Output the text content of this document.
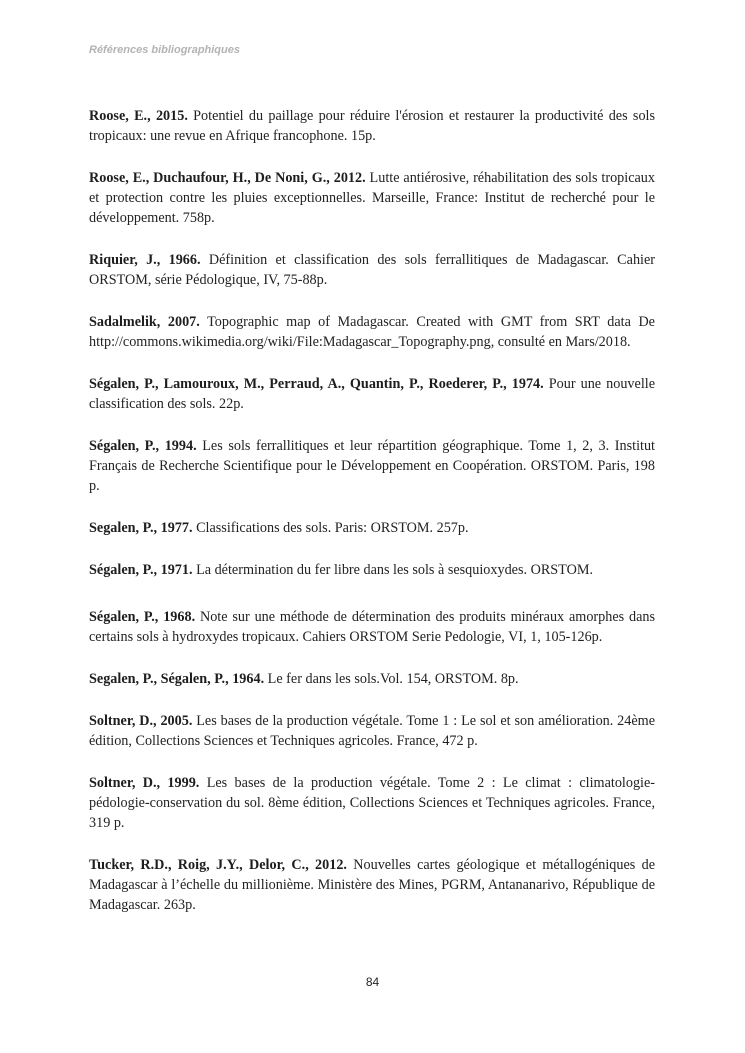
Références bibliographiques

Roose, E., 2015. Potentiel du paillage pour réduire l'érosion et restaurer la productivité des sols tropicaux: une revue en Afrique francophone. 15p.

Roose, E., Duchaufour, H., De Noni, G., 2012. Lutte antiérosive, réhabilitation des sols tropicaux et protection contre les pluies exceptionnelles. Marseille, France: Institut de recherché pour le développement. 758p.

Riquier, J., 1966. Définition et classification des sols ferrallitiques de Madagascar. Cahier ORSTOM, série Pédologique, IV, 75-88p.

Sadalmelik, 2007. Topographic map of Madagascar. Created with GMT from SRT data De http://commons.wikimedia.org/wiki/File:Madagascar_Topography.png, consulté en Mars/2018.

Ségalen, P., Lamouroux, M., Perraud, A., Quantin, P., Roederer, P., 1974. Pour une nouvelle classification des sols. 22p.

Ségalen, P., 1994. Les sols ferrallitiques et leur répartition géographique. Tome 1, 2, 3. Institut Français de Recherche Scientifique pour le Développement en Coopération. ORSTOM. Paris, 198 p.

Segalen, P., 1977. Classifications des sols. Paris: ORSTOM. 257p.

Ségalen, P., 1971. La détermination du fer libre dans les sols à sesquioxydes. ORSTOM.

Ségalen, P., 1968. Note sur une méthode de détermination des produits minéraux amorphes dans certains sols à hydroxydes tropicaux. Cahiers ORSTOM Serie Pedologie, VI, 1, 105-126p.

Segalen, P., Ségalen, P., 1964. Le fer dans les sols.Vol. 154, ORSTOM. 8p.

Soltner, D., 2005. Les bases de la production végétale. Tome 1 : Le sol et son amélioration. 24ème édition, Collections Sciences et Techniques agricoles. France, 472 p.

Soltner, D., 1999. Les bases de la production végétale. Tome 2 : Le climat : climatologie-pédologie-conservation du sol. 8ème édition, Collections Sciences et Techniques agricoles. France, 319 p.

Tucker, R.D., Roig, J.Y., Delor, C., 2012. Nouvelles cartes géologique et métallogéniques de Madagascar à l’échelle du millionième. Ministère des Mines, PGRM, Antananarivo, République de Madagascar. 263p.

84
